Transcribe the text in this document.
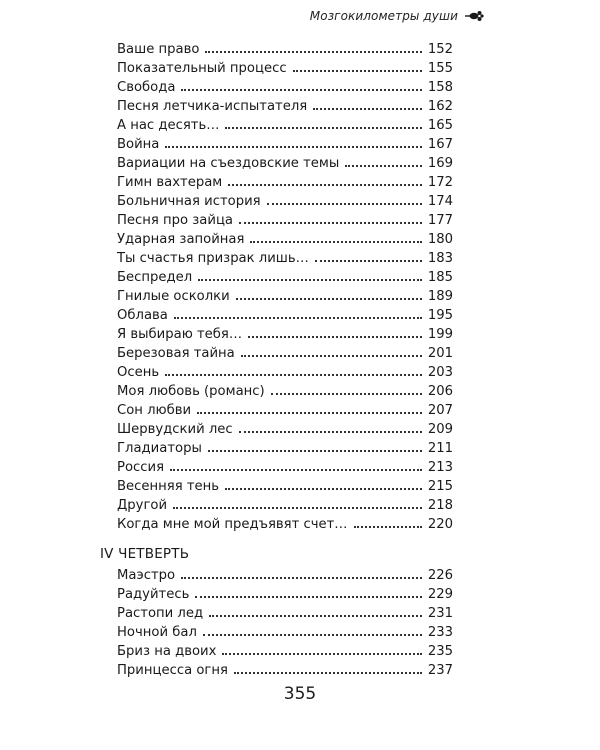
Мозгокилометры души
Ваше право	152
Показательный процесс	155
Свобода	158
Песня летчика-испытателя	162
А нас десять…	165
Война	167
Вариации на съездовские темы	169
Гимн вахтерам	172
Больничная история	174
Песня про зайца	177
Ударная запойная	180
Ты счастья призрак лишь…	183
Беспредел	185
Гнилые осколки	189
Облава	195
Я выбираю тебя…	199
Березовая тайна	201
Осень	203
Моя любовь (романс)	206
Сон любви	207
Шервудский лес	209
Гладиаторы	211
Россия	213
Весенняя тень	215
Другой	218
Когда мне мой предъявят счет…	220
IV ЧЕТВЕРТЬ
Маэстро	226
Радуйтесь	229
Растопи лед	231
Ночной бал	233
Бриз на двоих	235
Принцесса огня	237
355
